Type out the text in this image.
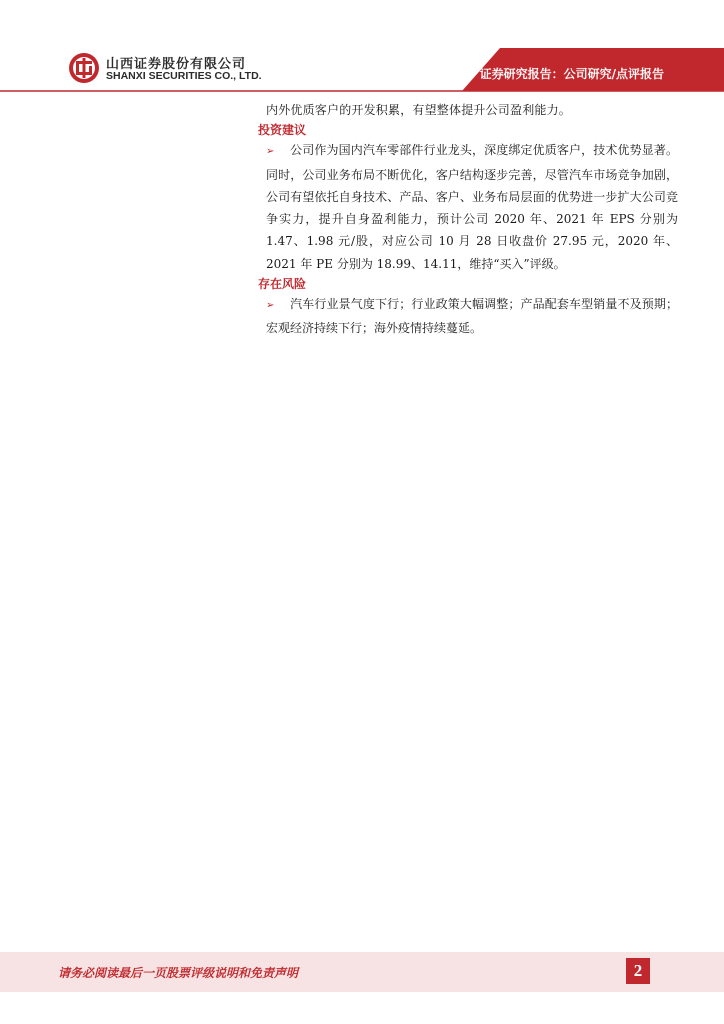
山西证券股份有限公司
SHANXI SECURITIES CO., LTD.	证券研究报告：公司研究/点评报告

内外优质客户的开发积累，有望整体提升公司盈利能力。

投资建议

➢ 公司作为国内汽车零部件行业龙头，深度绑定优质客户，技术优势显著。同时，公司业务布局不断优化，客户结构逐步完善，尽管汽车市场竞争加剧，公司有望依托自身技术、产品、客户、业务布局层面的优势进一步扩大公司竞争实力，提升自身盈利能力，预计公司 2020 年、2021 年 EPS 分别为 1.47、1.98 元/股，对应公司 10 月 28 日收盘价 27.95 元，2020 年、2021 年 PE 分别为 18.99、14.11，维持“买入”评级。

存在风险

➢ 汽车行业景气度下行；行业政策大幅调整；产品配套车型销量不及预期；宏观经济持续下行；海外疫情持续蔓延。

请务必阅读最后一页股票评级说明和免责声明	2
